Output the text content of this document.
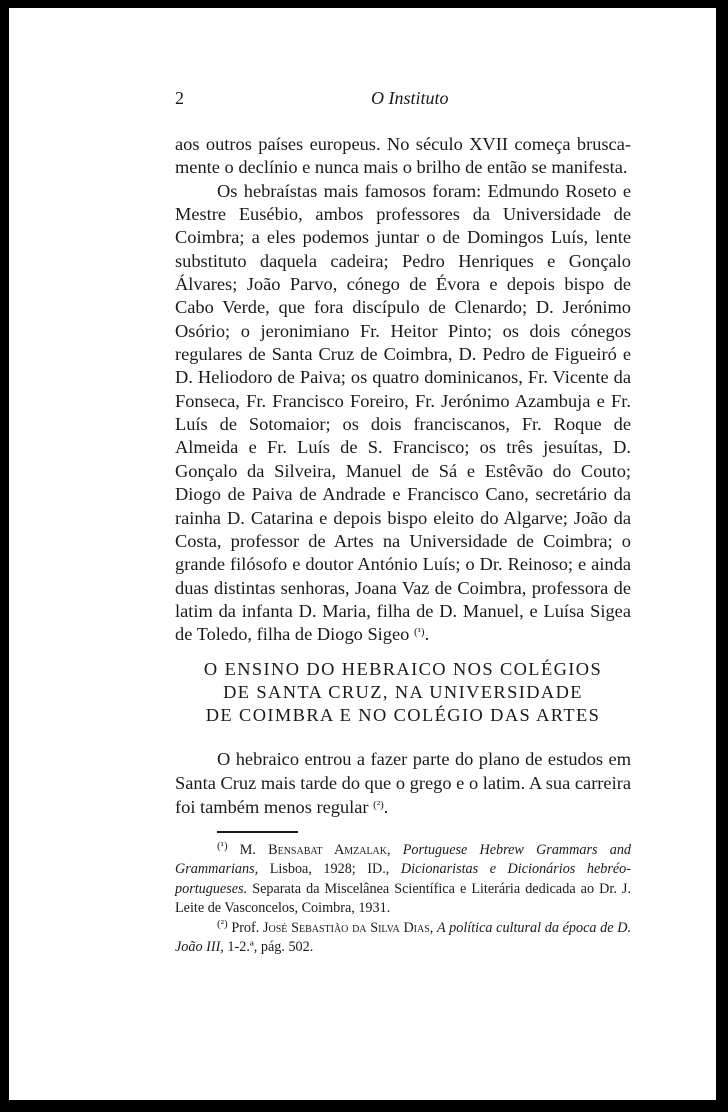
2	O Instituto

aos outros países europeus. No século XVII começa bruscamente o declínio e nunca mais o brilho de então se manifesta.

Os hebraístas mais famosos foram: Edmundo Roseto e Mestre Eusébio, ambos professores da Universidade de Coimbra; a eles podemos juntar o de Domingos Luís, lente substituto daquela cadeira; Pedro Henriques e Gonçalo Álvares; João Parvo, cónego de Évora e depois bispo de Cabo Verde, que fora discípulo de Clenardo; D. Jerónimo Osório; o jeronimiano Fr. Heitor Pinto; os dois cónegos regulares de Santa Cruz de Coimbra, D. Pedro de Figueiró e D. Heliodoro de Paiva; os quatro dominicanos, Fr. Vicente da Fonseca, Fr. Francisco Foreiro, Fr. Jerónimo Azambuja e Fr. Luís de Sotomaior; os dois franciscanos, Fr. Roque de Almeida e Fr. Luís de S. Francisco; os três jesuítas, D. Gonçalo da Silveira, Manuel de Sá e Estêvão do Couto; Diogo de Paiva de Andrade e Francisco Cano, secretário da rainha D. Catarina e depois bispo eleito do Algarve; João da Costa, professor de Artes na Universidade de Coimbra; o grande filósofo e doutor António Luís; o Dr. Reinoso; e ainda duas distintas senhoras, Joana Vaz de Coimbra, professora de latim da infanta D. Maria, filha de D. Manuel, e Luísa Sigea de Toledo, filha de Diogo Sigeo $^{(^1)}$.

O ENSINO DO HEBRAICO NOS COLÉGIOS
DE SANTA CRUZ, NA UNIVERSIDADE
DE COIMBRA E NO COLÉGIO DAS ARTES

O hebraico entrou a fazer parte do plano de estudos em Santa Cruz mais tarde do que o grego e o latim. A sua carreira foi também menos regular $^{(^2)}$.

$^{(^1)}$ M. Bensabat Amzalak, Portuguese Hebrew Grammars and Grammarians, Lisboa, 1928; ID., Dicionaristas e Dicionários hebréo-portugueses. Separata da Miscelânea Scientífica e Literária dedicada ao Dr. J. Leite de Vasconcelos, Coimbra, 1931.

$^{(^2)}$ Prof. José Sebastião da Silva Dias, A política cultural da época de D. João III, 1-2.ª, pág. 502.
